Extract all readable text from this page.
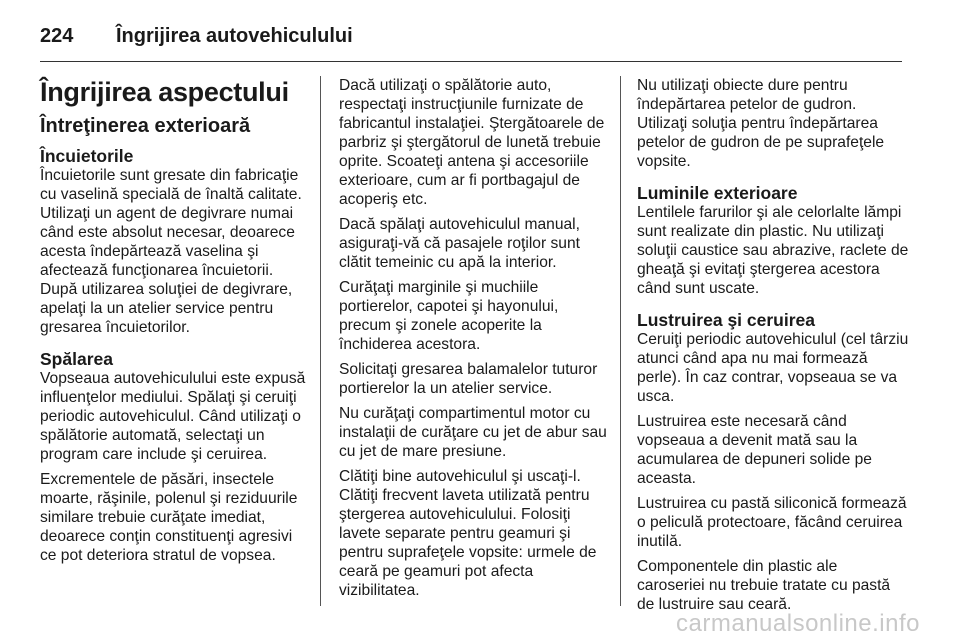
224	Îngrijirea autovehiculului
Îngrijirea aspectului
Întreţinerea exterioară
Încuietorile

Încuietorile sunt gresate din fabricaţie cu vaselină specială de înaltă calitate. Utilizaţi un agent de degivrare numai când este absolut necesar, deoarece acesta îndepărtează vaselina şi afectează funcţionarea încuietorii. După utilizarea soluţiei de degivrare, apelaţi la un atelier service pentru gresarea încuietorilor.

Spălarea

Vopseaua autovehiculului este expusă influenţelor mediului. Spălaţi şi ceruiţi periodic autovehiculul. Când utilizaţi o spălătorie automată, selectaţi un program care include şi ceruirea.

Excrementele de păsări, insectele moarte, răşinile, polenul şi reziduurile similare trebuie curăţate imediat, deoarece conţin constituenţi agresivi ce pot deteriora stratul de vopsea.

Dacă utilizaţi o spălătorie auto, respectaţi instrucţiunile furnizate de fabricantul instalaţiei. Ştergătoarele de parbriz şi ştergătorul de lunetă trebuie oprite. Scoateţi antena şi accesoriile exterioare, cum ar fi portbagajul de acoperiş etc.

Dacă spălaţi autovehiculul manual, asiguraţi-vă că pasajele roţilor sunt clătit temeinic cu apă la interior.

Curăţaţi marginile şi muchiile portierelor, capotei şi hayonului, precum şi zonele acoperite la închiderea acestora.

Solicitaţi gresarea balamalelor tuturor portierelor la un atelier service.

Nu curăţaţi compartimentul motor cu instalaţii de curăţare cu jet de abur sau cu jet de mare presiune.

Clătiţi bine autovehiculul şi uscaţi-l. Clătiţi frecvent laveta utilizată pentru ştergerea autovehiculului. Folosiţi lavete separate pentru geamuri şi pentru suprafeţele vopsite: urmele de ceară pe geamuri pot afecta vizibilitatea.

Nu utilizaţi obiecte dure pentru îndepărtarea petelor de gudron. Utilizaţi soluţia pentru îndepărtarea petelor de gudron de pe suprafeţele vopsite.

Luminile exterioare

Lentilele farurilor şi ale celorlalte lămpi sunt realizate din plastic. Nu utilizaţi soluţii caustice sau abrazive, raclete de gheaţă şi evitaţi ştergerea acestora când sunt uscate.

Lustruirea şi ceruirea

Ceruiţi periodic autovehiculul (cel târziu atunci când apa nu mai formează perle). În caz contrar, vopseaua se va usca.

Lustruirea este necesară când vopseaua a devenit mată sau la acumularea de depuneri solide pe aceasta.

Lustruirea cu pastă siliconică formează o peliculă protectoare, făcând ceruirea inutilă.

Componentele din plastic ale caroseriei nu trebuie tratate cu pastă de lustruire sau ceară.

carmanualsonline.info
